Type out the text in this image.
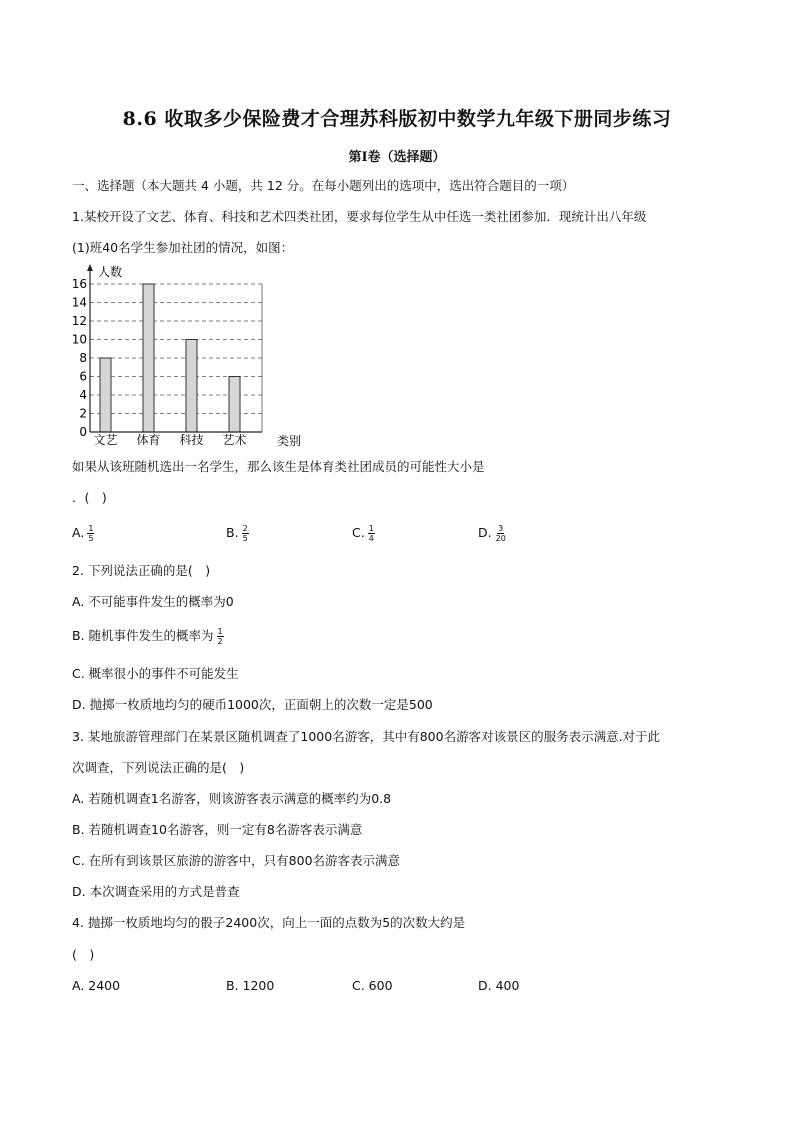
8.6 收取多少保险费才合理苏科版初中数学九年级下册同步练习
第I卷（选择题）
一、选择题（本大题共 4 小题，共 12 分。在每小题列出的选项中，选出符合题目的一项）
1.某校开设了文艺、体育、科技和艺术四类社团，要求每位学生从中任选一类社团参加．现统计出八年级
(1)班40名学生参加社团的情况，如图：
0
2
4
6
8
10
12
14
16
文艺 体育 科技 艺术
人数
类别
如果从该班随机选出一名学生，那么该生是体育类社团成员的可能性大小是
．(　)
A. $\frac{1}{5}$	B. $\frac{2}{5}$	C. $\frac{1}{4}$	D. $\frac{3}{20}$
2. 下列说法正确的是(　)
A. 不可能事件发生的概率为0
B. 随机事件发生的概率为 $\frac{1}{2}$
C. 概率很小的事件不可能发生
D. 抛掷一枚质地均匀的硬币1000次，正面朝上的次数一定是500
3. 某地旅游管理部门在某景区随机调查了1000名游客，其中有800名游客对该景区的服务表示满意.对于此
次调查，下列说法正确的是(　)
A. 若随机调查1名游客，则该游客表示满意的概率约为0.8
B. 若随机调查10名游客，则一定有8名游客表示满意
C. 在所有到该景区旅游的游客中，只有800名游客表示满意
D. 本次调查采用的方式是普查
4. 抛掷一枚质地均匀的骰子2400次，向上一面的点数为5的次数大约是
(　)
A. 2400	B. 1200	C. 600	D. 400
